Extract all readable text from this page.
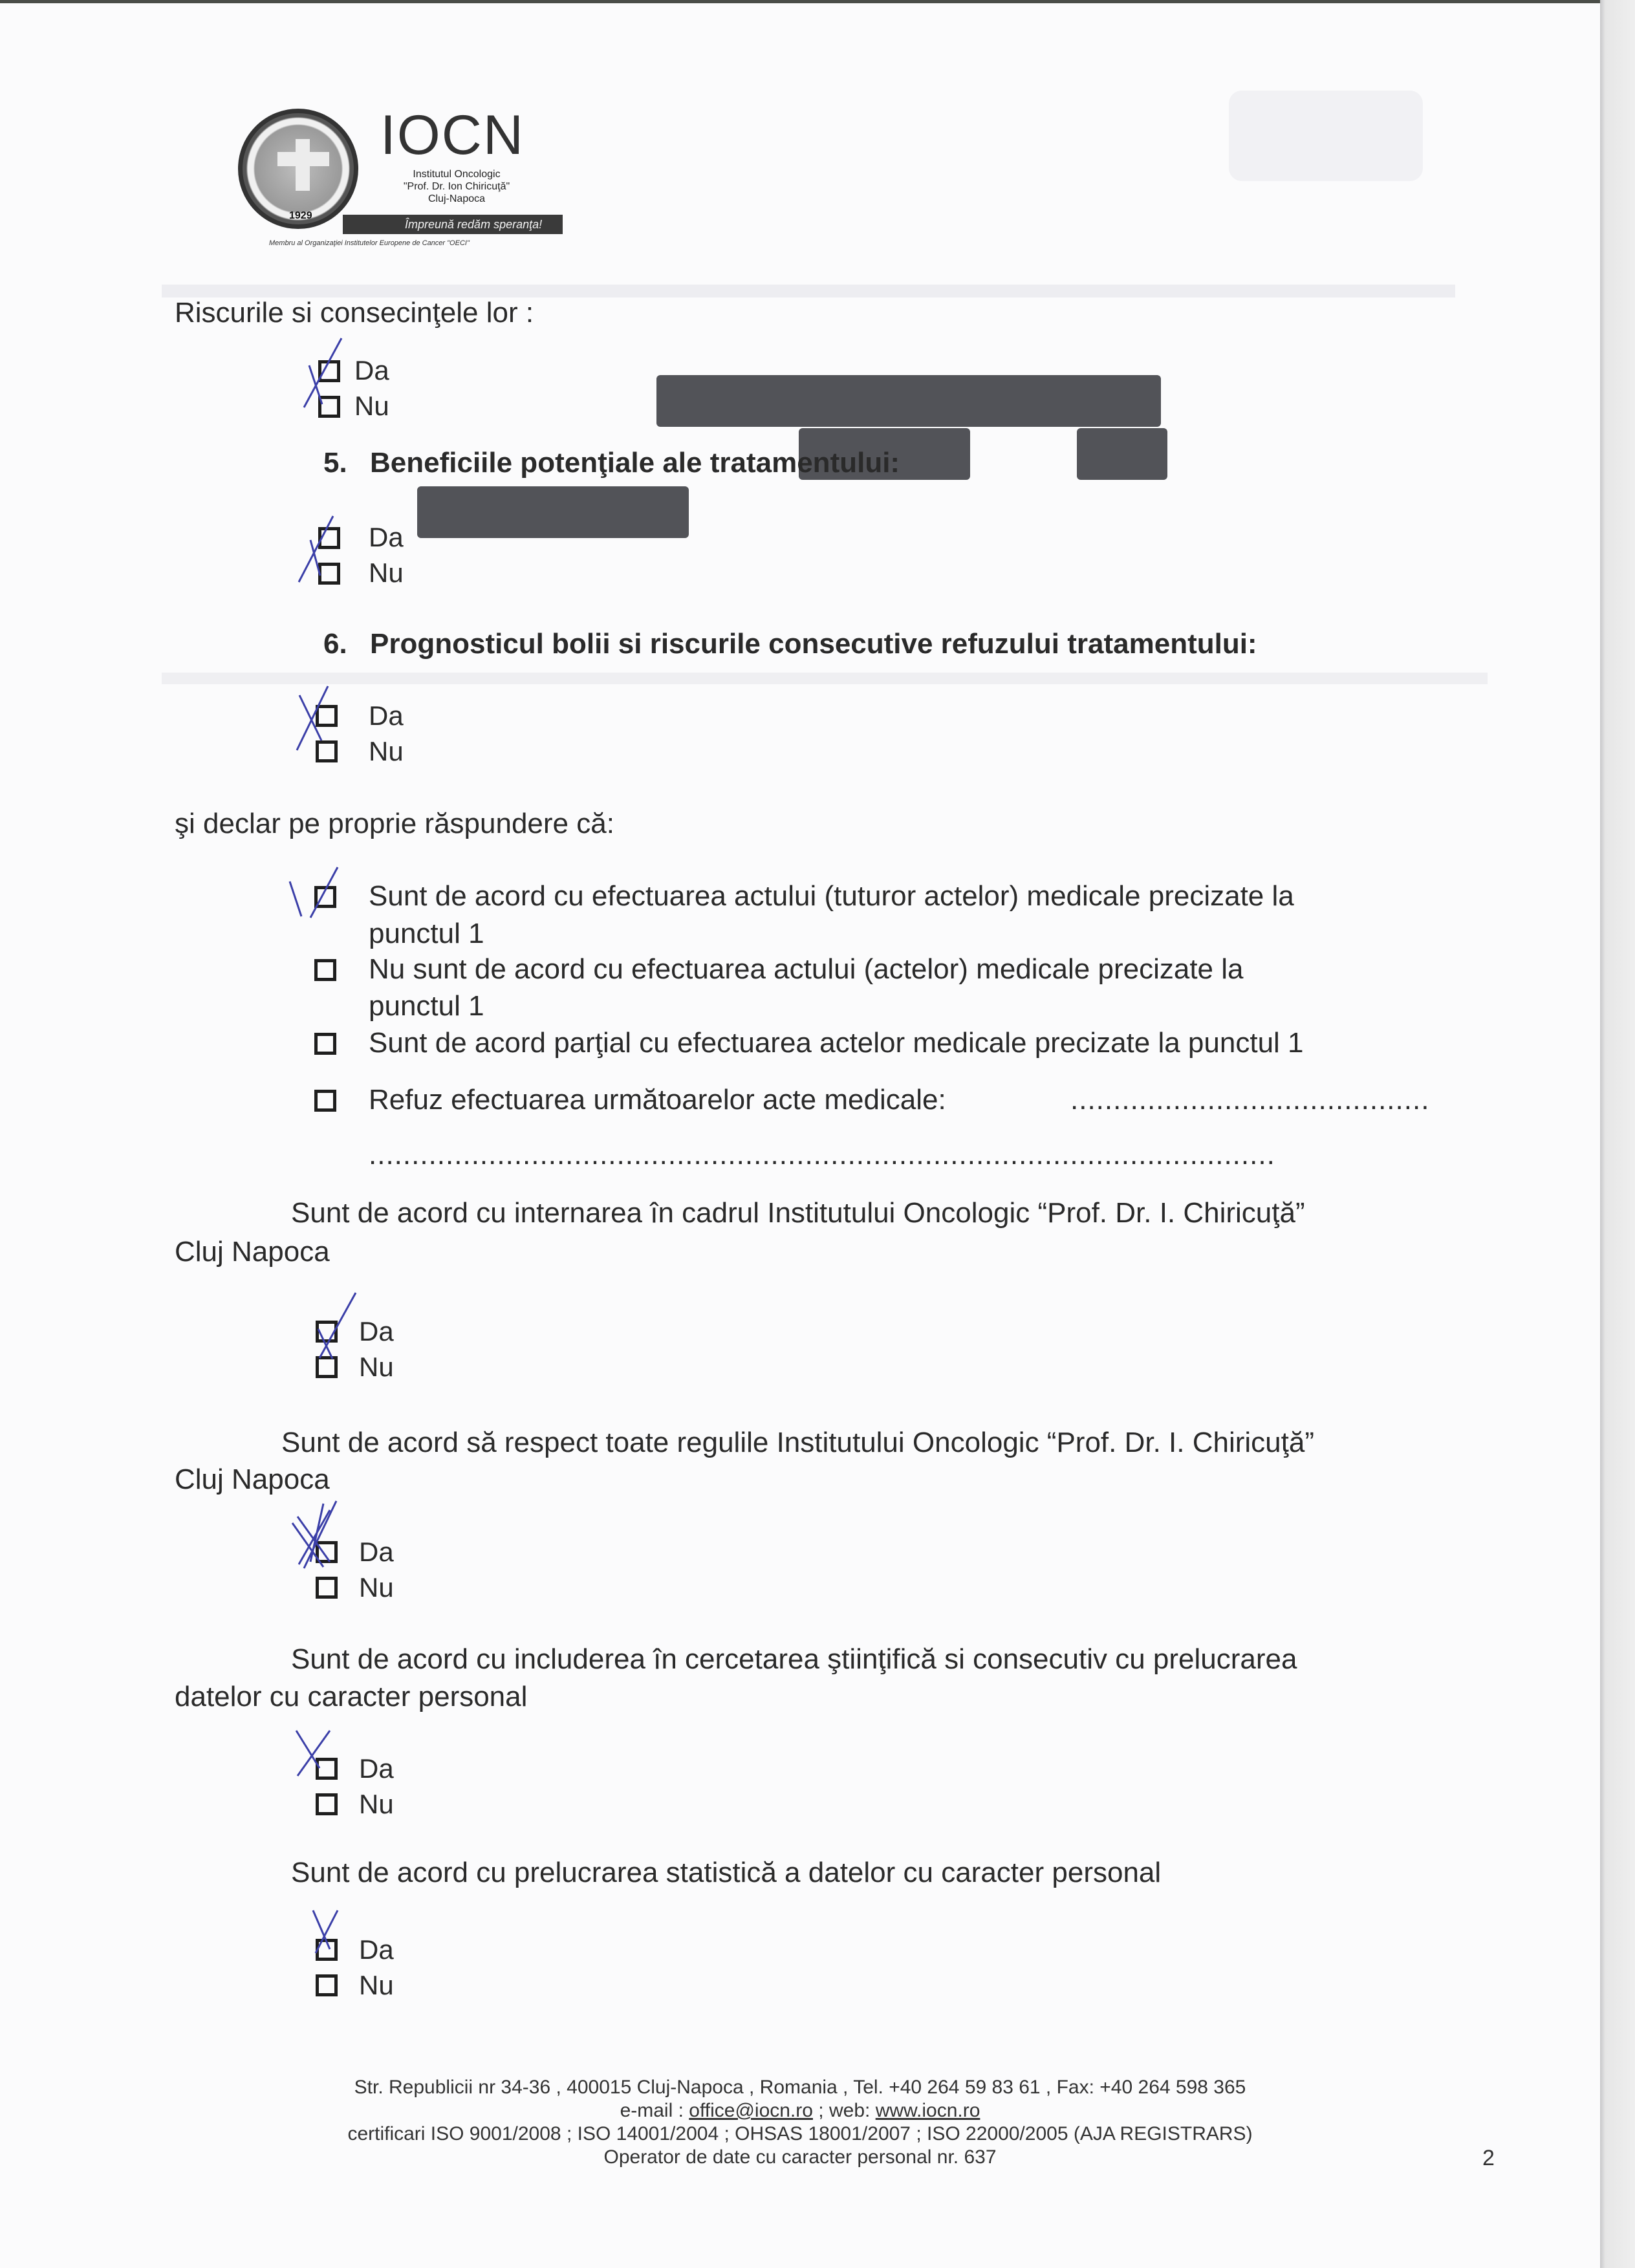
1929
IOCN
Institutul Oncologic
"Prof. Dr. Ion Chiricuţă"
Cluj-Napoca
Împreună redăm speranţa!
Membru al Organizaţiei Institutelor Europene de Cancer "OECI"
Riscurile si consecinţele lor :
Da
Nu
5. Beneficiile potenţiale ale tratamentului:
Da
Nu
6. Prognosticul bolii si riscurile consecutive refuzului tratamentului:
Da
Nu
şi declar pe proprie răspundere că:
Sunt de acord cu efectuarea actului (tuturor actelor) medicale precizate la
punctul 1
Nu sunt de acord cu efectuarea actului (actelor) medicale precizate la
punctul 1
Sunt de acord parţial cu efectuarea actelor medicale precizate la punctul 1
Refuz efectuarea următoarelor acte medicale:	..........................................
..........................................................................................................
Sunt de acord cu internarea în cadrul Institutului Oncologic “Prof. Dr. I. Chiricuţă”
Cluj Napoca
Da
Nu
Sunt de acord să respect toate regulile Institutului Oncologic “Prof. Dr. I. Chiricuţă”
Cluj Napoca
Da
Nu
Sunt de acord cu includerea în cercetarea ştiinţifică si consecutiv cu prelucrarea
datelor cu caracter personal
Da
Nu
Sunt de acord cu prelucrarea statistică a datelor cu caracter personal
Da
Nu
Str. Republicii nr 34-36 , 400015 Cluj-Napoca , Romania , Tel. +40 264 59 83 61 , Fax: +40 264 598 365
e-mail : office@iocn.ro ; web: www.iocn.ro
certificari ISO 9001/2008 ; ISO 14001/2004 ; OHSAS 18001/2007 ; ISO 22000/2005 (AJA REGISTRARS)
Operator de date cu caracter personal nr. 637	2
